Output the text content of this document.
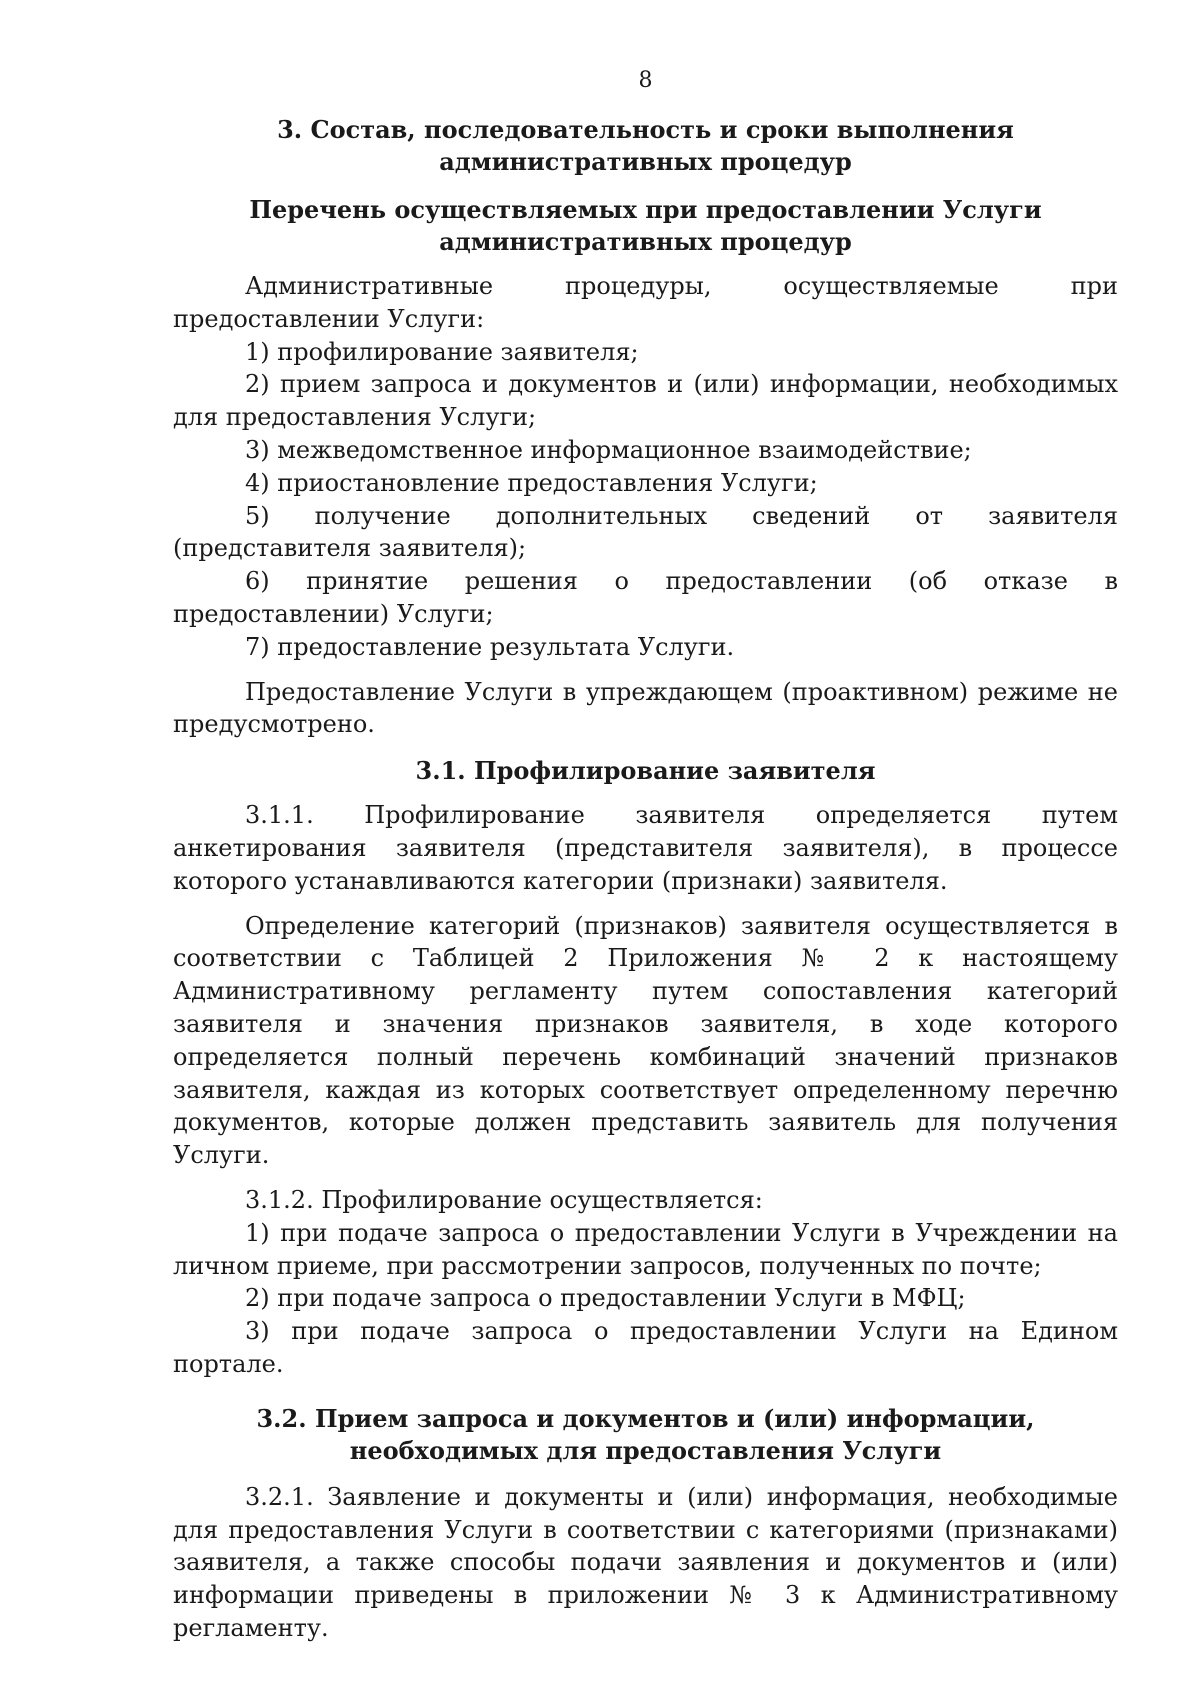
8
3. Состав, последовательность и сроки выполнения административных процедур
Перечень осуществляемых при предоставлении Услуги административных процедур

Административные процедуры, осуществляемые при предоставлении Услуги:

1) профилирование заявителя;

2) прием запроса и документов и (или) информации, необходимых для предоставления Услуги;

3) межведомственное информационное взаимодействие;

4) приостановление предоставления Услуги;

5) получение дополнительных сведений от заявителя (представителя заявителя);

6) принятие решения о предоставлении (об отказе в предоставлении) Услуги;

7) предоставление результата Услуги.

Предоставление Услуги в упреждающем (проактивном) режиме не предусмотрено.

3.1. Профилирование заявителя

3.1.1. Профилирование заявителя определяется путем анкетирования заявителя (представителя заявителя), в процессе которого устанавливаются категории (признаки) заявителя.

Определение категорий (признаков) заявителя осуществляется в соответствии с Таблицей 2 Приложения № 2 к настоящему Административному регламенту путем сопоставления категорий заявителя и значения признаков заявителя, в ходе которого определяется полный перечень комбинаций значений признаков заявителя, каждая из которых соответствует определенному перечню документов, которые должен представить заявитель для получения Услуги.

3.1.2. Профилирование осуществляется:

1) при подаче запроса о предоставлении Услуги в Учреждении на личном приеме, при рассмотрении запросов, полученных по почте;

2) при подаче запроса о предоставлении Услуги в МФЦ;

3) при подаче запроса о предоставлении Услуги на Едином портале.

3.2. Прием запроса и документов и (или) информации, необходимых для предоставления Услуги

3.2.1. Заявление и документы и (или) информация, необходимые для предоставления Услуги в соответствии с категориями (признаками) заявителя, а также способы подачи заявления и документов и (или) информации приведены в приложении № 3 к Административному регламенту.
